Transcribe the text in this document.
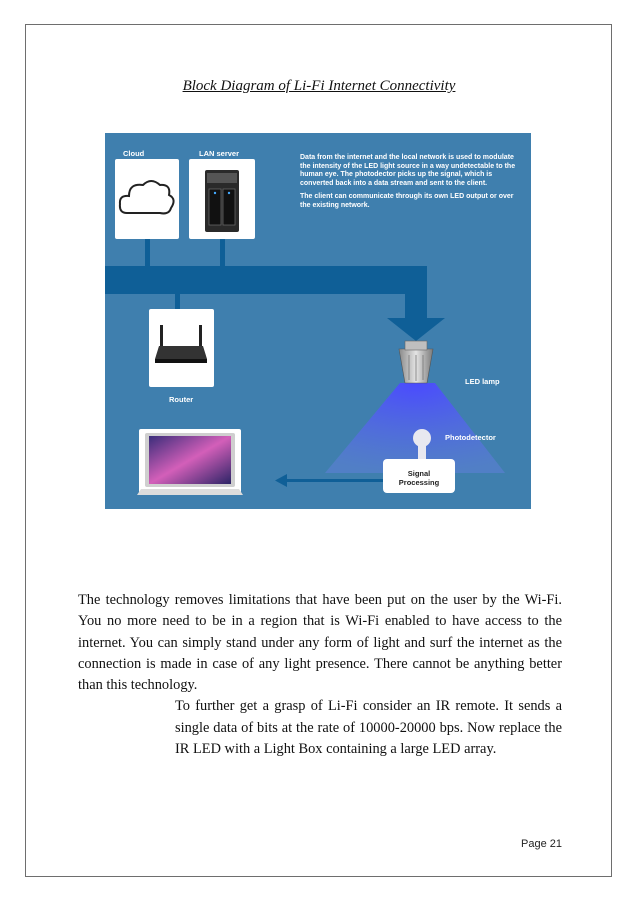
Block Diagram of Li-Fi Internet Connectivity
Cloud	LAN server
Router
LED lamp
Photodetector

Data from the internet and the local network is used to modulate the intensity of the LED light source in a way undetectable to the human eye. The photodector picks up the signal, which is converted back into a data stream and sent to the client.

The client can communicate through its own LED output or over the existing network.

Signal
Processing

The technology removes limitations that have been put on the user by the Wi-Fi. You no more need to be in a region that is Wi-Fi enabled to have access to the internet. You can simply stand under any form of light and surf the internet as the connection is made in case of any light presence. There cannot be anything better than this technology.

To further get a grasp of Li-Fi consider an IR remote. It sends a single data of bits at the rate of 10000-20000 bps. Now replace the IR LED with a Light Box containing a large LED array.

Page 21
